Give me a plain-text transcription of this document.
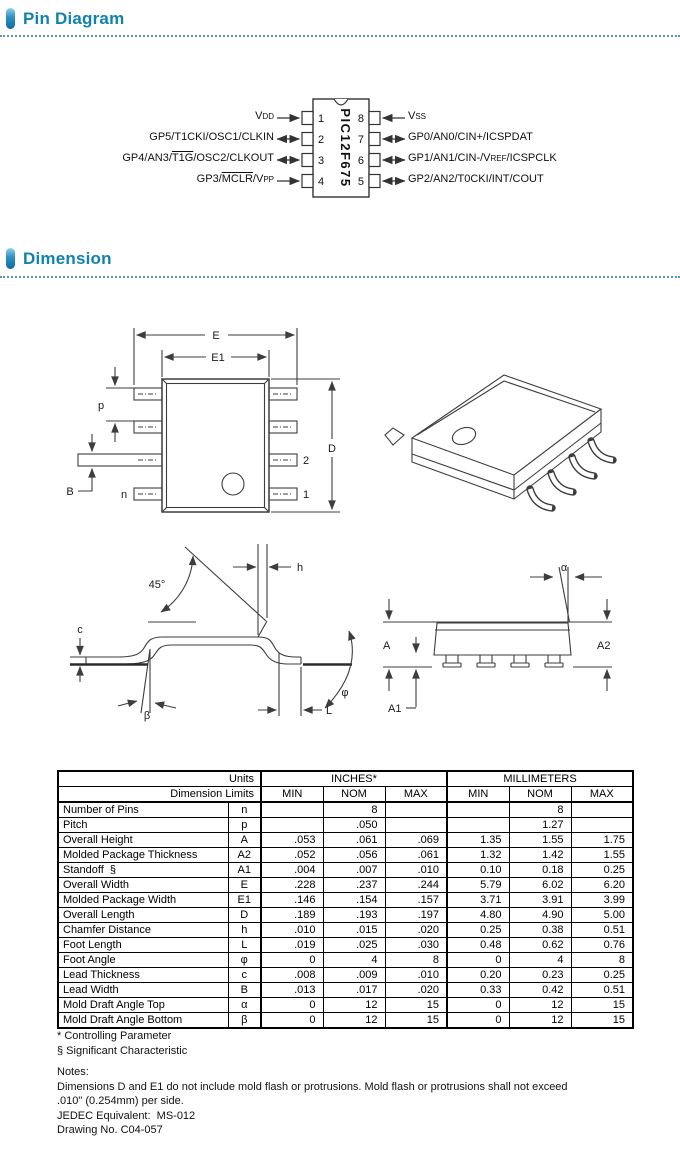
Pin Diagram
PIC12F675
1
2
3
4
8
7
6
5
VDD
GP5/T1CKI/OSC1/CLKIN
GP4/AN3/T1G/OSC2/CLKOUT
GP3/MCLR/VPP
VSS
GP0/AN0/CIN+/ICSPDAT
GP1/AN1/CIN-/VREF/ICSPCLK
GP2/AN2/T0CKI/INT/COUT
Dimension
E
E1
D
p
B	n
2
1
45°
h
c
β
φ
L
A	A2
A1
α
Units		INCHES*			MILLIMETERS		
Dimension Limits		MIN	NOM	MAX	MIN	NOM	MAX
Number of Pins	n		8			8	
Pitch	p		.050			1.27	
Overall Height	A	.053	.061	.069	1.35	1.55	1.75
Molded Package Thickness	A2	.052	.056	.061	1.32	1.42	1.55
Standoff  §	A1	.004	.007	.010	0.10	0.18	0.25
Overall Width	E	.228	.237	.244	5.79	6.02	6.20
Molded Package Width	E1	.146	.154	.157	3.71	3.91	3.99
Overall Length	D	.189	.193	.197	4.80	4.90	5.00
Chamfer Distance	h	.010	.015	.020	0.25	0.38	0.51
Foot Length	L	.019	.025	.030	0.48	0.62	0.76
Foot Angle	φ	0	4	8	0	4	8
Lead Thickness	c	.008	.009	.010	0.20	0.23	0.25
Lead Width	B	.013	.017	.020	0.33	0.42	0.51
Mold Draft Angle Top	α	0	12	15	0	12	15
Mold Draft Angle Bottom	β	0	12	15	0	12	15
* Controlling Parameter
§ Significant Characteristic
Notes:
Dimensions D and E1 do not include mold flash or protrusions. Mold flash or protrusions shall not exceed
.010" (0.254mm) per side.
JEDEC Equivalent:  MS-012
Drawing No. C04-057
